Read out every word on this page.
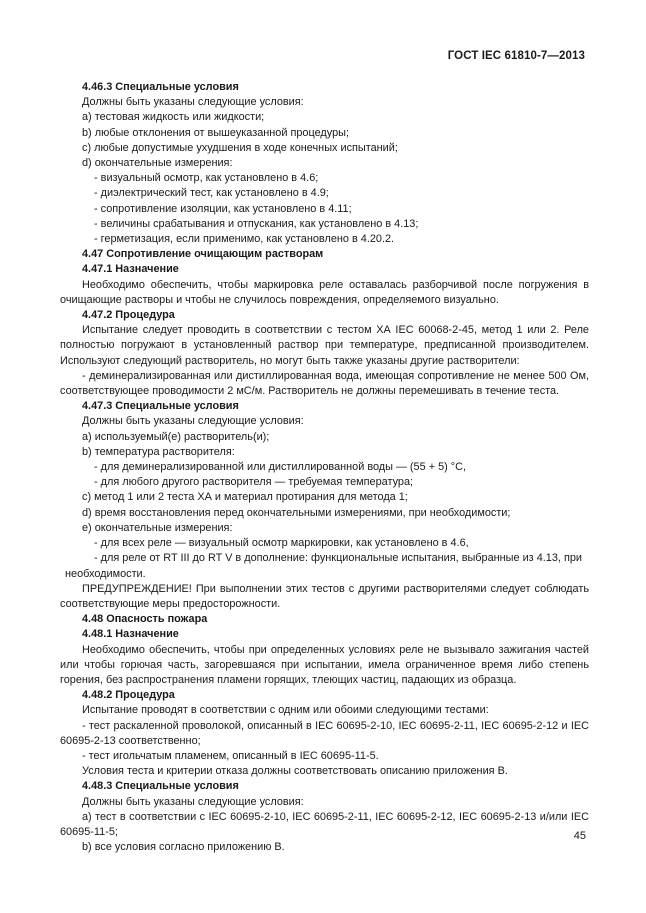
ГОСТ IEC 61810-7—2013

4.46.3 Специальные условия

Должны быть указаны следующие условия:

а) тестовая жидкость или жидкости;

b) любые отклонения от вышеуказанной процедуры;

с) любые допустимые ухудшения в ходе конечных испытаний;

d) окончательные измерения:

- визуальный осмотр, как установлено в 4.6;

- диэлектрический тест, как установлено в 4.9;

- сопротивление изоляции, как установлено в 4.11;

- величины срабатывания и отпускания, как установлено в 4.13;

- герметизация, если применимо, как установлено в 4.20.2.

4.47 Сопротивление очищающим растворам

4.47.1 Назначение

Необходимо обеспечить, чтобы маркировка реле оставалась разборчивой после погружения в очищающие растворы и чтобы не случилось повреждения, определяемого визуально.

4.47.2 Процедура

Испытание следует проводить в соответствии с тестом ХА IEC 60068-2-45, метод 1 или 2. Реле полностью погружают в установленный раствор при температуре, предписанной производителем. Используют следующий растворитель, но могут быть также указаны другие растворители:

- деминерализированная или дистиллированная вода, имеющая сопротивление не менее 500 Ом, соответствующее проводимости 2 мС/м. Растворитель не должны перемешивать в течение теста.

4.47.3 Специальные условия

Должны быть указаны следующие условия:

а) используемый(е) растворитель(и);

b) температура растворителя:

- для деминерализированной или дистиллированной воды — (55 + 5) °С,

- для любого другого растворителя — требуемая температура;

с) метод 1 или 2 теста ХА и материал протирания для метода 1;

d) время восстановления перед окончательными измерениями, при необходимости;

е) окончательные измерения:

- для всех реле — визуальный осмотр маркировки, как установлено в 4.6,

- для реле от RT III до RT V в дополнение: функциональные испытания, выбранные из 4.13, при

необходимости.

ПРЕДУПРЕЖДЕНИЕ! При выполнении этих тестов с другими растворителями следует соблюдать соответствующие меры предосторожности.

4.48 Опасность пожара

4.48.1 Назначение

Необходимо обеспечить, чтобы при определенных условиях реле не вызывало зажигания частей или чтобы горючая часть, загоревшаяся при испытании, имела ограниченное время либо степень горения, без распространения пламени горящих, тлеющих частиц, падающих из образца.

4.48.2 Процедура

Испытание проводят в соответствии с одним или обоими следующими тестами:

- тест раскаленной проволокой, описанный в IEC 60695-2-10, IEC 60695-2-11, IEC 60695-2-12 и IEC 60695-2-13 соответственно;

- тест игольчатым пламенем, описанный в IEC 60695-11-5.

Условия теста и критерии отказа должны соответствовать описанию приложения В.

4.48.3 Специальные условия

Должны быть указаны следующие условия:

а) тест в соответствии с IEC 60695-2-10, IEC 60695-2-11, IEC 60695-2-12, IEC 60695-2-13 и/или IEC 60695-11-5;

b) все условия согласно приложению В.

45
